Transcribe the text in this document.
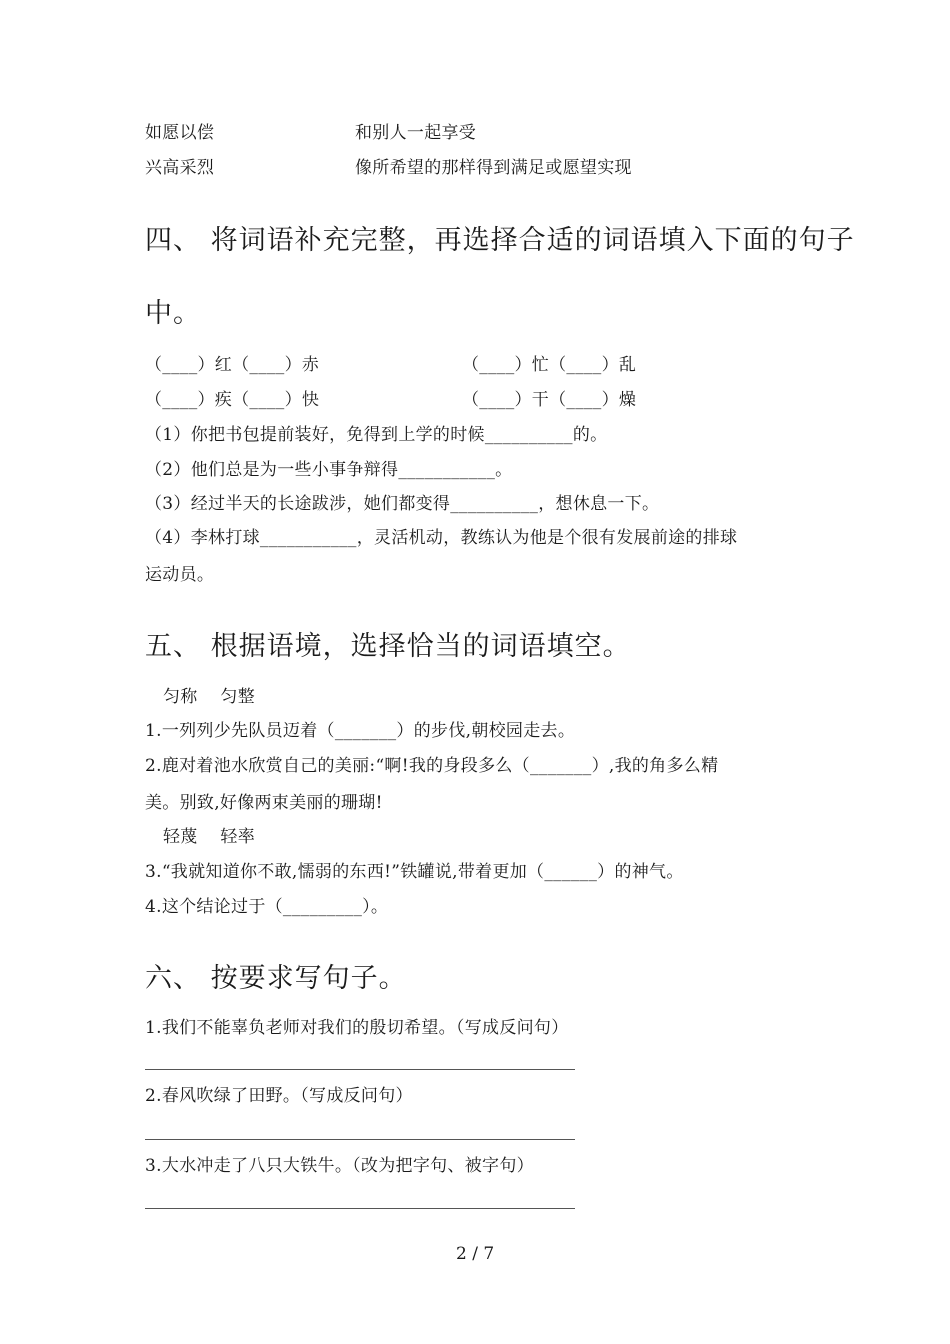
如愿以偿	和别人一起享受
兴高采烈	像所希望的那样得到满足或愿望实现
四、 将词语补充完整，再选择合适的词语填入下面的句子
中。
（____）红（____）赤	（____）忙（____）乱
（____）疾（____）快	（____）干（____）燥
（1）你把书包提前装好，免得到上学的时候__________的。
（2）他们总是为一些小事争辩得___________。
（3）经过半天的长途跋涉，她们都变得__________，想休息一下。
（4）李林打球___________，灵活机动，教练认为他是个很有发展前途的排球
运动员。
五、 根据语境，选择恰当的词语填空。
匀称    匀整
1.一列列少先队员迈着（_______）的步伐,朝校园走去。
2.鹿对着池水欣赏自己的美丽:“啊!我的身段多么（_______）,我的角多么精
美。别致,好像两束美丽的珊瑚!
轻蔑    轻率
3.“我就知道你不敢,懦弱的东西!”铁罐说,带着更加（______）的神气。
4.这个结论过于（_________）。
六、 按要求写句子。
1.我们不能辜负老师对我们的殷切希望。（写成反问句）
2.春风吹绿了田野。（写成反问句）
3.大水冲走了八只大铁牛。（改为把字句、被字句）
2 / 7
